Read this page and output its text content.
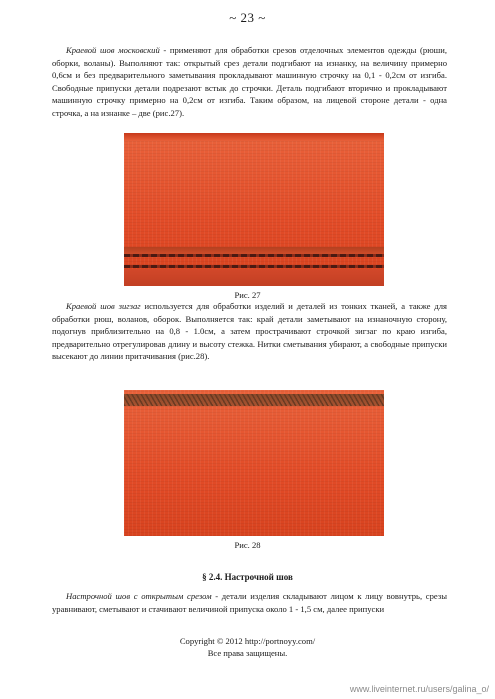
~ 23 ~

Краевой шов московский - применяют для обработки срезов отделочных элементов одежды (рюши, оборки, воланы). Выполняют так: открытый срез детали подгибают на изнанку, на величину примерно 0,6см и без предварительного заметывания прокладывают машинную строчку на 0,1 - 0,2см от изгиба. Свободные припуски детали подрезают встык до строчки. Деталь подгибают вторично и прокладывают машинную строчку примерно на 0,2см от изгиба. Таким образом, на лицевой стороне детали - одна строчка, а на изнанке – две (рис.27).

Рис. 27

Краевой шов зигзаг используется для обработки изделий и деталей из тонких тканей, а также для обработки рюш, воланов, оборок. Выполняется так: край детали заметывают на изнаночную сторону, подогнув приблизительно на 0,8 - 1.0см, а затем прострачивают строчкой зигзаг по краю изгиба, предварительно отрегулировав длину и высоту стежка. Нитки сметывания убирают, а свободные припуски высекают до линии притачивания (рис.28).

Рис. 28

§ 2.4. Настрочной шов

Настрочной шов с открытым срезом - детали изделия складывают лицом к лицу вовнутрь, срезы уравнивают, сметывают и стачивают величиной припуска около 1 - 1,5 см, далее припуски

Copyright © 2012 http://portnoyy.com/

Все права защищены.

www.liveinternet.ru/users/galina_o/
